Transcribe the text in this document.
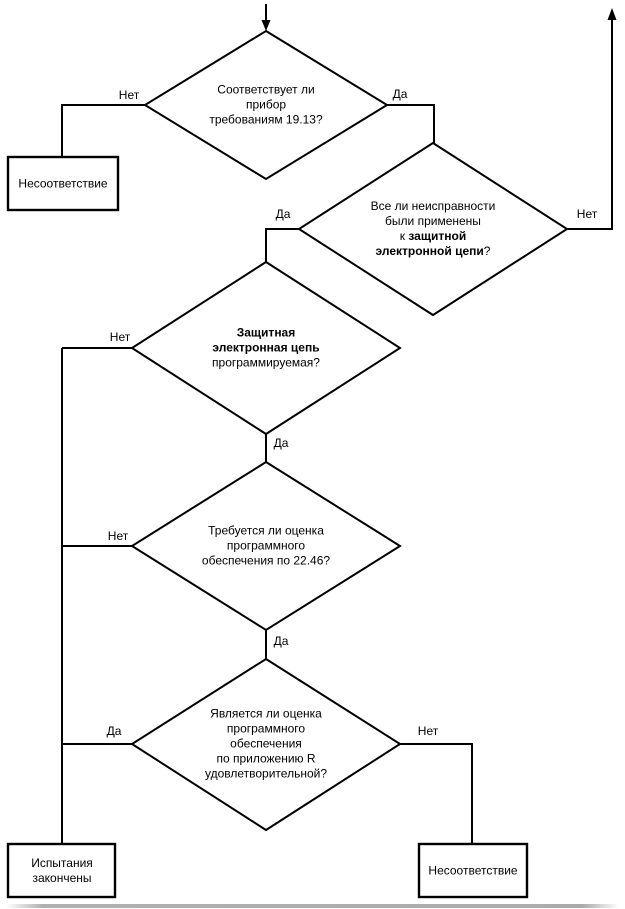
Соответствует ли
прибор
требованиям 19.13?
Все ли неисправности
были применены
к защитной
электронной цепи?
Защитная
электронная цепь
программируемая?
Требуется ли оценка
программного
обеспечения по 22.46?
Является ли оценка
программного
обеспечения
по приложению R
удовлетворительной?
Несоответствие
Испытания
закончены
Несоответствие
Нет	Да
Да	Нет
Нет
Да
Нет
Да
Да	Нет
